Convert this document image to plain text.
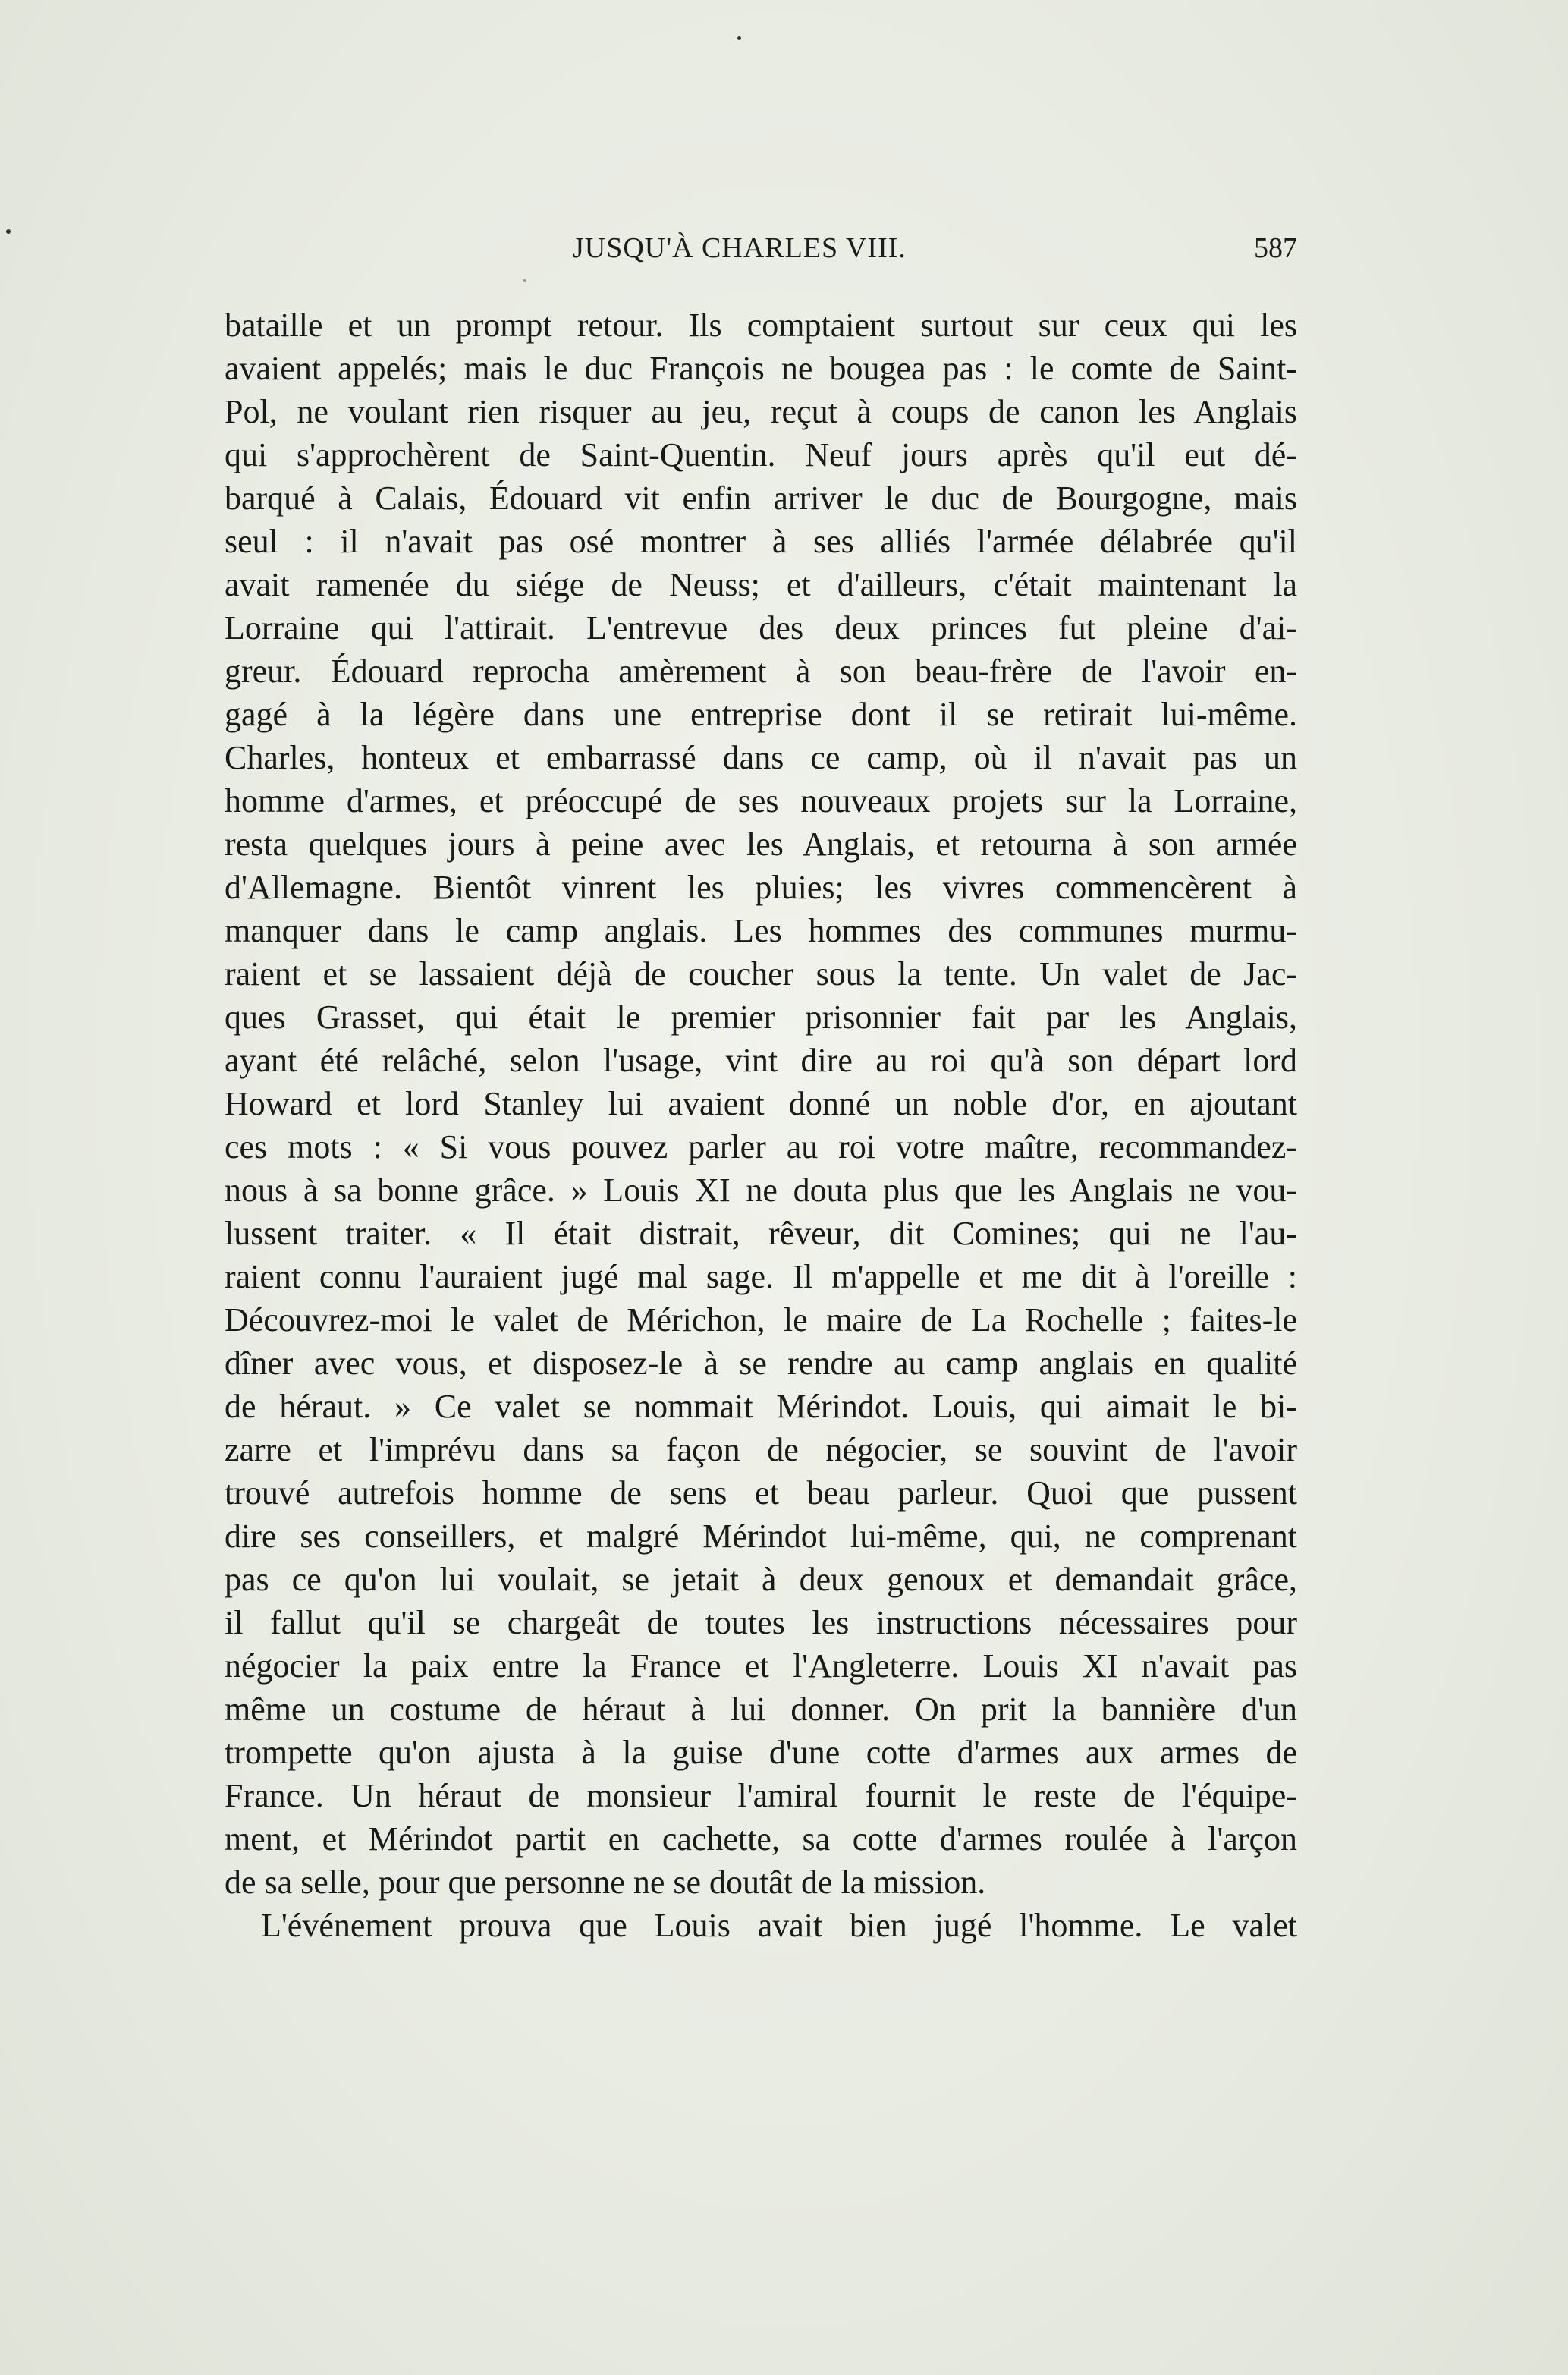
JUSQU'À CHARLES VIII.	587
bataille et un prompt retour. Ils comptaient surtout sur ceux qui les
avaient appelés; mais le duc François ne bougea pas : le comte de Saint-
Pol, ne voulant rien risquer au jeu, reçut à coups de canon les Anglais
qui s'approchèrent de Saint-Quentin. Neuf jours après qu'il eut dé-
barqué à Calais, Édouard vit enfin arriver le duc de Bourgogne, mais
seul : il n'avait pas osé montrer à ses alliés l'armée délabrée qu'il
avait ramenée du siége de Neuss; et d'ailleurs, c'était maintenant la
Lorraine qui l'attirait. L'entrevue des deux princes fut pleine d'ai-
greur. Édouard reprocha amèrement à son beau-frère de l'avoir en-
gagé à la légère dans une entreprise dont il se retirait lui-même.
Charles, honteux et embarrassé dans ce camp, où il n'avait pas un
homme d'armes, et préoccupé de ses nouveaux projets sur la Lorraine,
resta quelques jours à peine avec les Anglais, et retourna à son armée
d'Allemagne. Bientôt vinrent les pluies; les vivres commencèrent à
manquer dans le camp anglais. Les hommes des communes murmu-
raient et se lassaient déjà de coucher sous la tente. Un valet de Jac-
ques Grasset, qui était le premier prisonnier fait par les Anglais,
ayant été relâché, selon l'usage, vint dire au roi qu'à son départ lord
Howard et lord Stanley lui avaient donné un noble d'or, en ajoutant
ces mots : « Si vous pouvez parler au roi votre maître, recommandez-
nous à sa bonne grâce. » Louis XI ne douta plus que les Anglais ne vou-
lussent traiter. « Il était distrait, rêveur, dit Comines; qui ne l'au-
raient connu l'auraient jugé mal sage. Il m'appelle et me dit à l'oreille :
Découvrez-moi le valet de Mérichon, le maire de La Rochelle ; faites-le
dîner avec vous, et disposez-le à se rendre au camp anglais en qualité
de héraut. » Ce valet se nommait Mérindot. Louis, qui aimait le bi-
zarre et l'imprévu dans sa façon de négocier, se souvint de l'avoir
trouvé autrefois homme de sens et beau parleur. Quoi que pussent
dire ses conseillers, et malgré Mérindot lui-même, qui, ne comprenant
pas ce qu'on lui voulait, se jetait à deux genoux et demandait grâce,
il fallut qu'il se chargeât de toutes les instructions nécessaires pour
négocier la paix entre la France et l'Angleterre. Louis XI n'avait pas
même un costume de héraut à lui donner. On prit la bannière d'un
trompette qu'on ajusta à la guise d'une cotte d'armes aux armes de
France. Un héraut de monsieur l'amiral fournit le reste de l'équipe-
ment, et Mérindot partit en cachette, sa cotte d'armes roulée à l'arçon
de sa selle, pour que personne ne se doutât de la mission.
L'événement prouva que Louis avait bien jugé l'homme. Le valet
